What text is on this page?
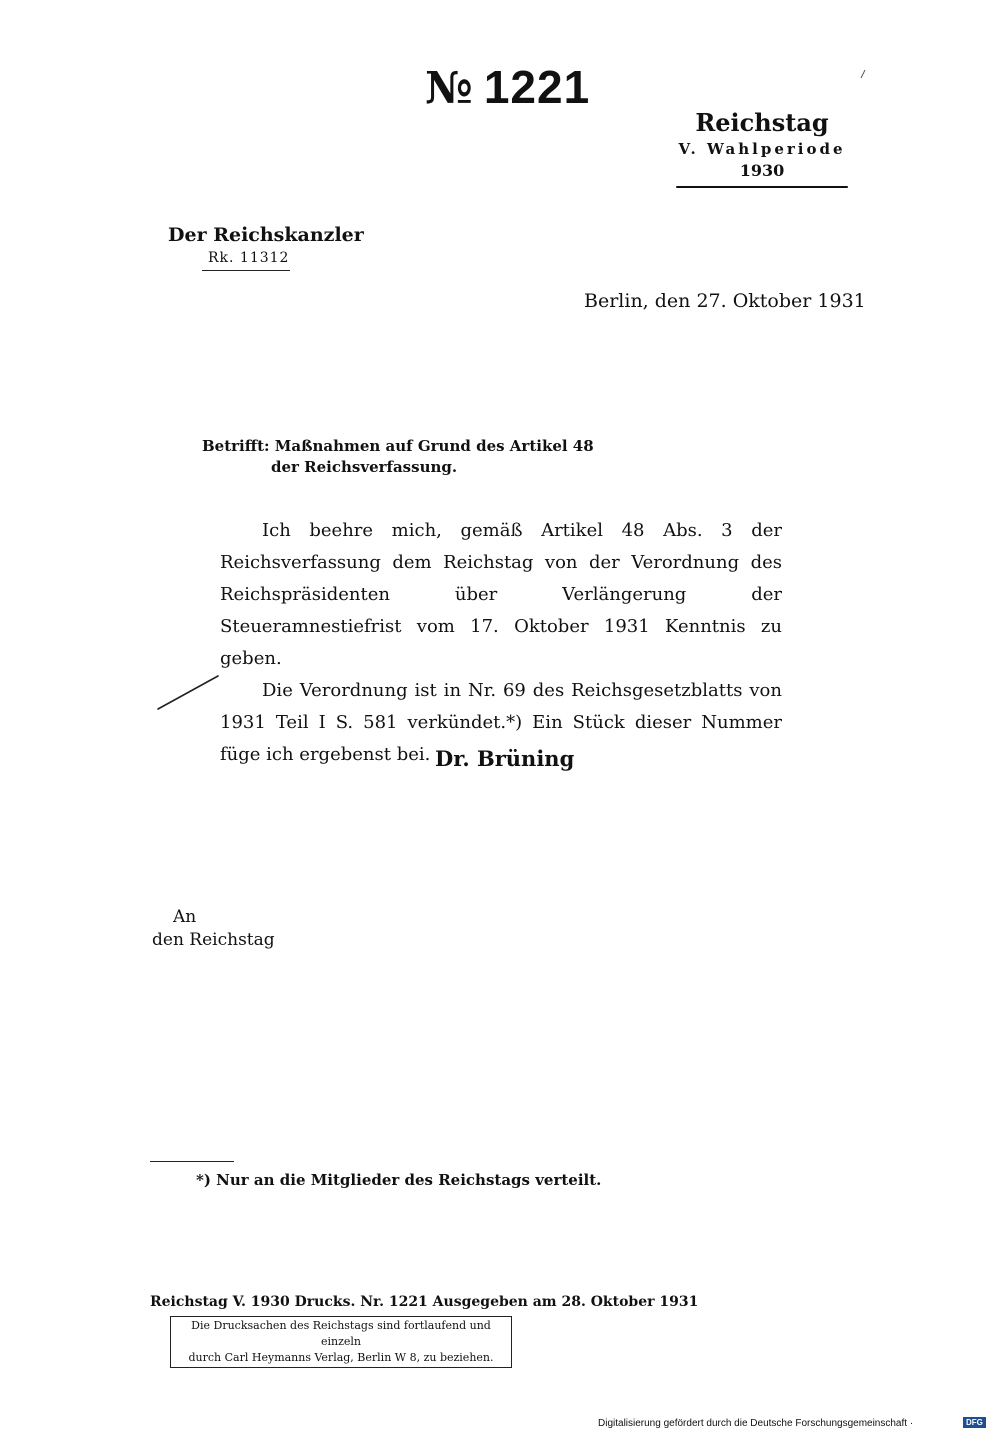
№ 1221
Reichstag
V. Wahlperiode
1930
Der Reichskanzler
Rk. 11312
Berlin, den 27. Oktober 1931
Betrifft: Maßnahmen auf Grund des Artikel 48
der Reichsverfassung.

Ich beehre mich, gemäß Artikel 48 Abs. 3 der Reichsverfassung dem Reichstag von der Verordnung des Reichspräsidenten über Verlängerung der Steueramnestiefrist vom 17. Oktober 1931 Kenntnis zu geben.

Die Verordnung ist in Nr. 69 des Reichsgesetzblatts von 1931 Teil I S. 581 verkündet.*) Ein Stück dieser Nummer füge ich ergebenst bei. Dr. Brüning
An
den Reichstag
*) Nur an die Mitglieder des Reichstags verteilt.
Reichstag V. 1930 Drucks. Nr. 1221 Ausgegeben am 28. Oktober 1931
Die Drucksachen des Reichstags sind fortlaufend und einzeln
durch Carl Heymanns Verlag, Berlin W 8, zu beziehen.
Digitalisierung gefördert durch die Deutsche Forschungsgemeinschaft ·	DFG
